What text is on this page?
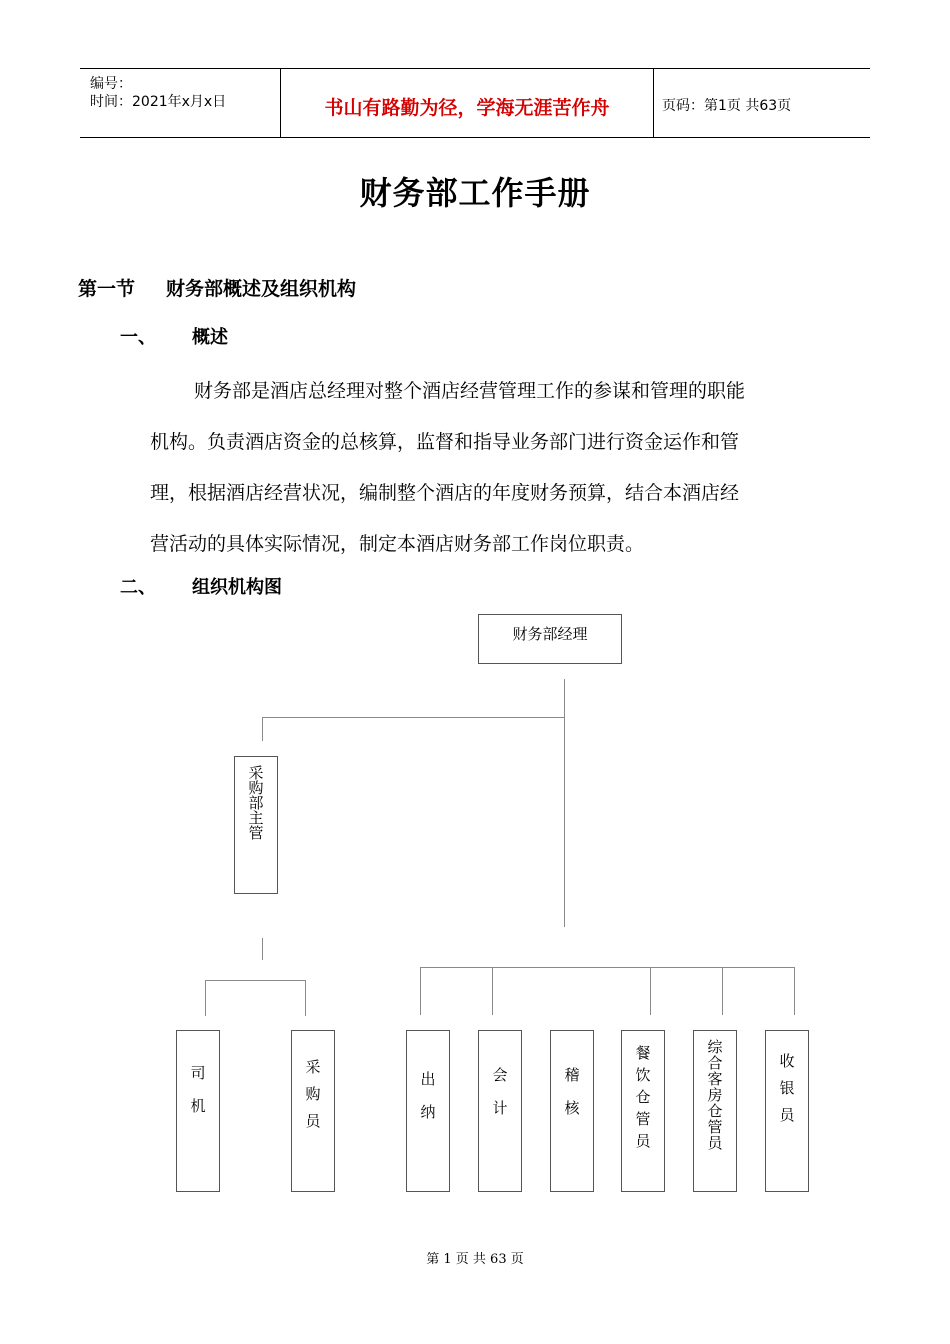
编号：
时间：2021年x月x日	书山有路勤为径，学海无涯苦作舟	页码：第1页 共63页
财务部工作手册
第一节 财务部概述及组织机构
一、 概述
财务部是酒店总经理对整个酒店经营管理工作的参谋和管理的职能
机构。负责酒店资金的总核算，监督和指导业务部门进行资金运作和管
理，根据酒店经营状况，编制整个酒店的年度财务预算，结合本酒店经
营活动的具体实际情况，制定本酒店财务部工作岗位职责。
二、 组织机构图
财务部经理
采购部主管
司机	采购员	出纳	会计	稽核	餐饮仓管员	综合客房仓管员	收银员
第 1 页 共 63 页
